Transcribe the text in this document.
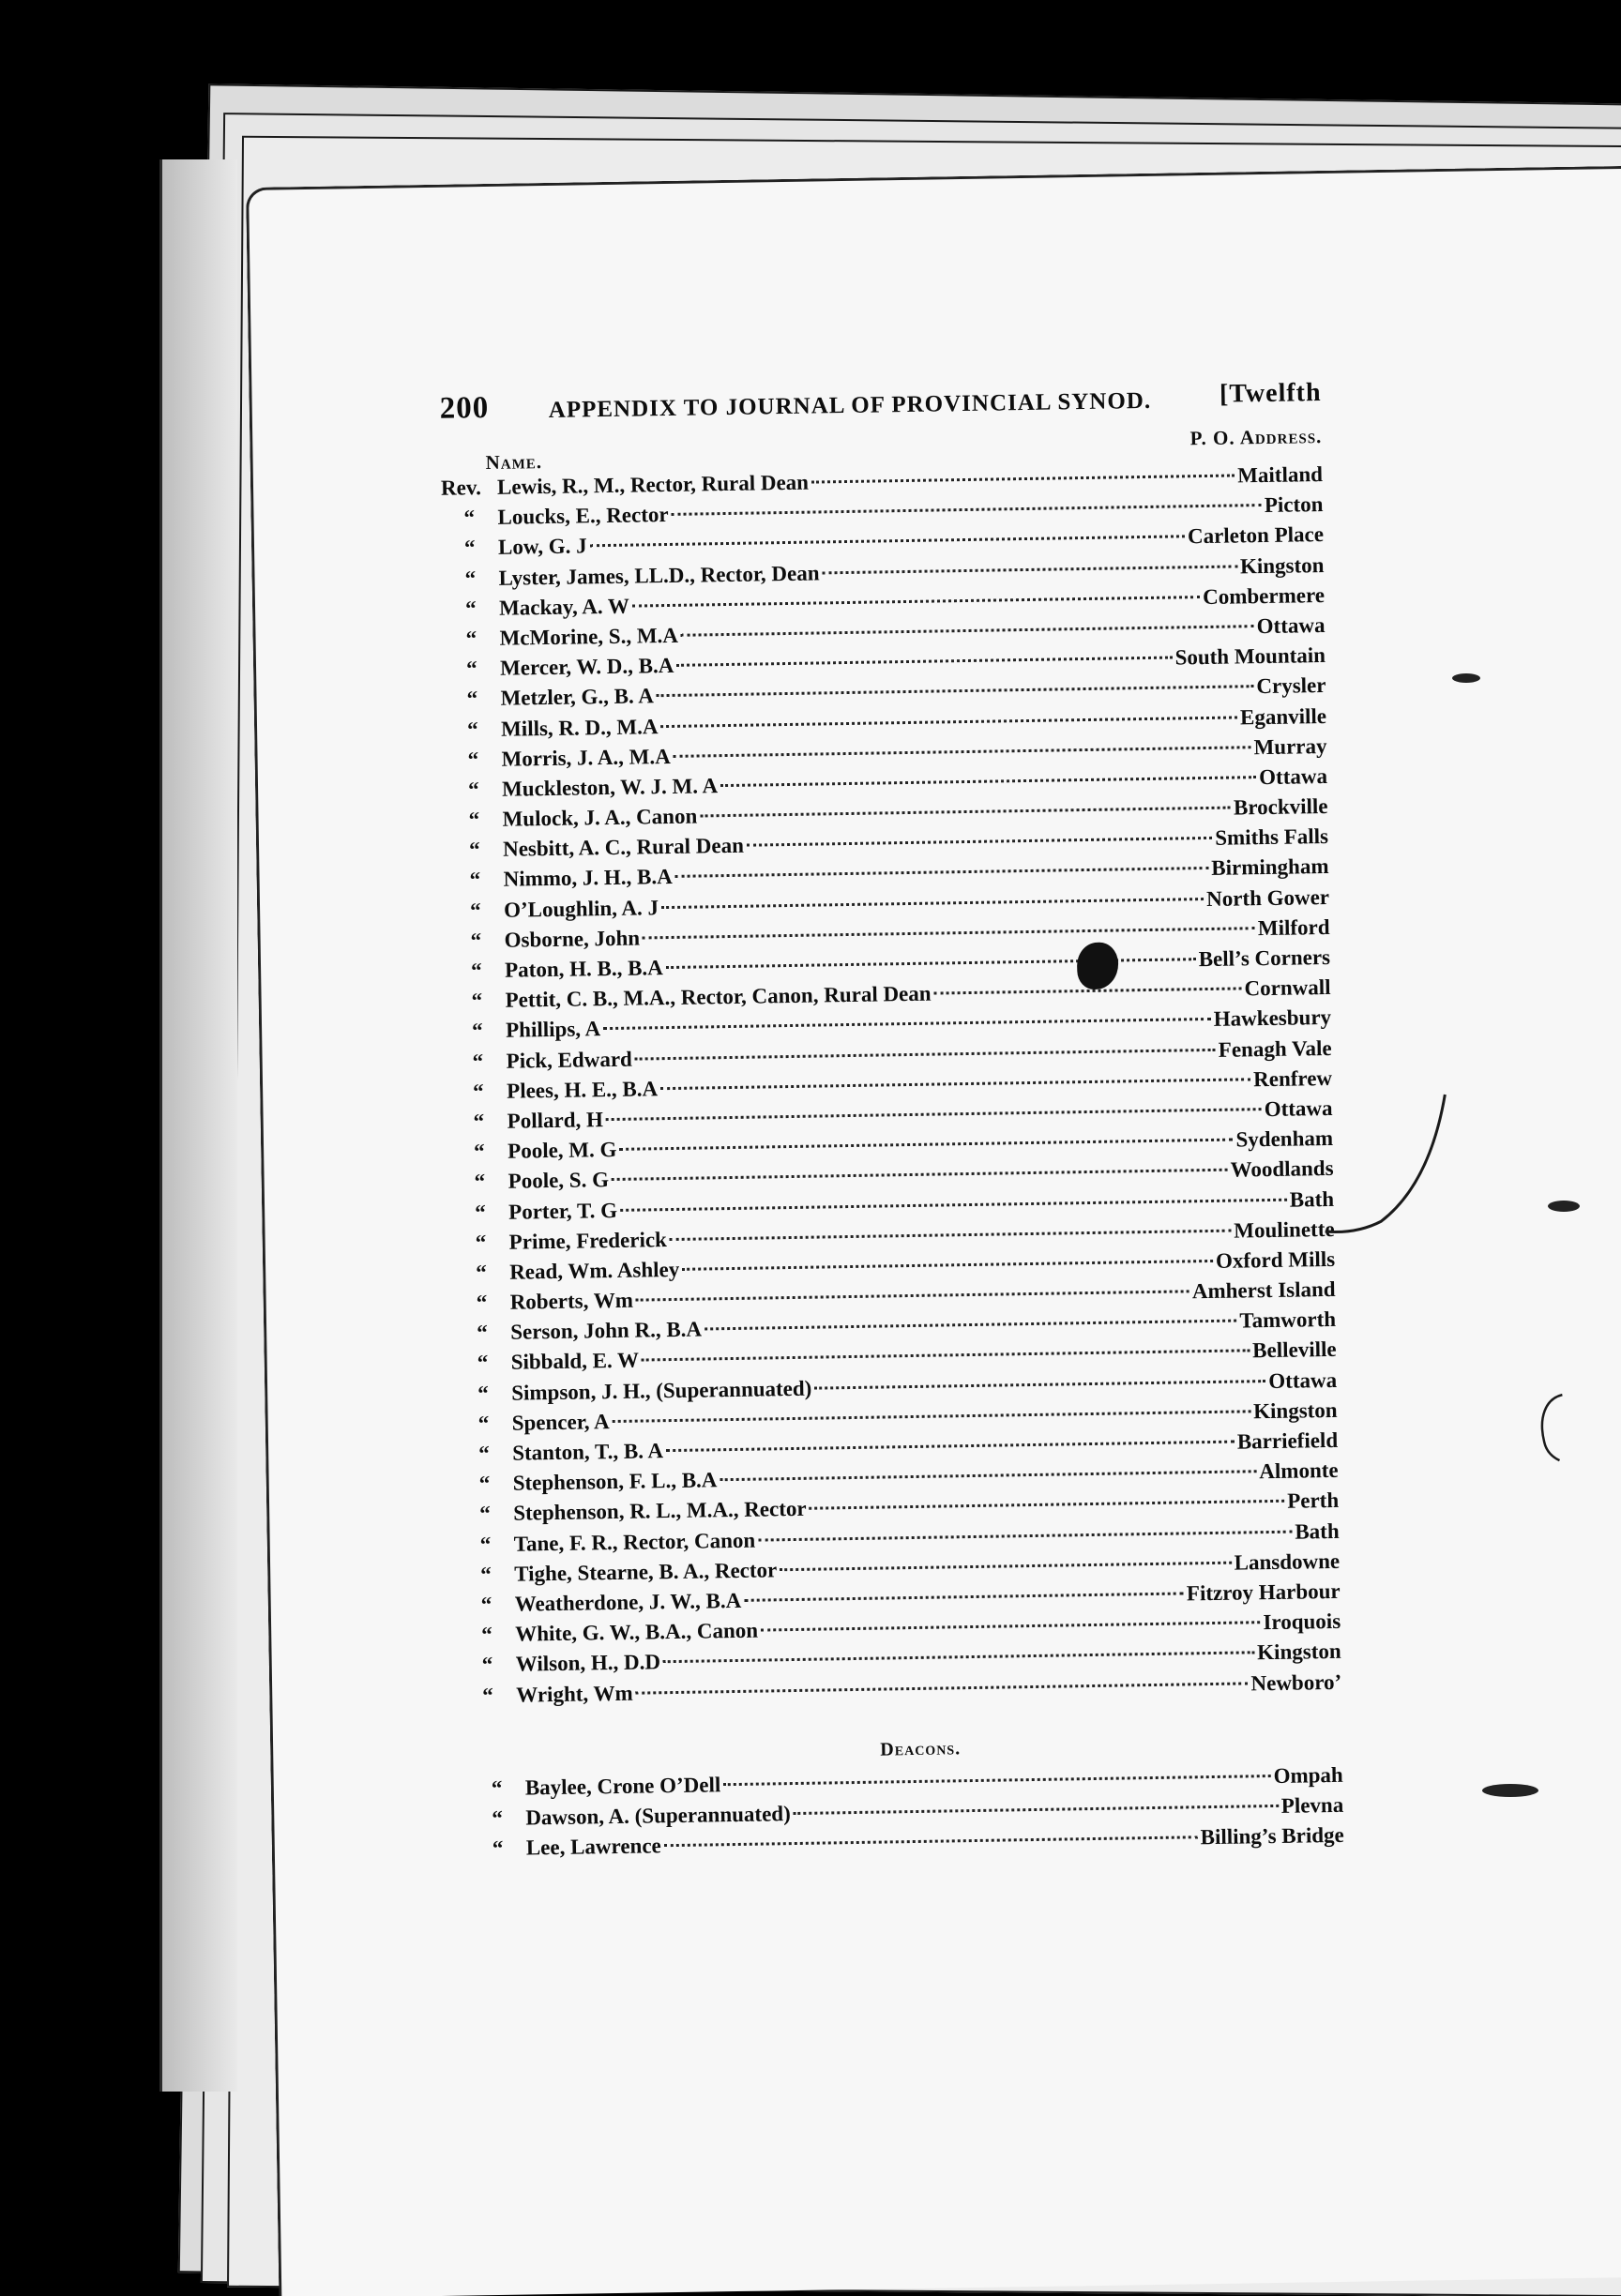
200	APPENDIX TO JOURNAL OF PROVINCIAL SYNOD.	[Twelfth
Name.
P. O. Address.
Rev. Lewis, R., M., Rector, Rural Dean	Maitland
“	Loucks, E., Rector	Picton
“	Low, G. J	Carleton Place
“	Lyster, James, LL.D., Rector, Dean	Kingston
“	Mackay, A. W	Combermere
“	McMorine, S., M.A	Ottawa
“	Mercer, W. D., B.A	South Mountain
“	Metzler, G., B. A	Crysler
“	Mills, R. D., M.A	Eganville
“	Morris, J. A., M.A	Murray
“	Muckleston, W. J. M. A	Ottawa
“	Mulock, J. A., Canon	Brockville
“	Nesbitt, A. C., Rural Dean	Smiths Falls
“	Nimmo, J. H., B.A	Birmingham
“	O’Loughlin, A. J	North Gower
“	Osborne, John	Milford
“	Paton, H. B., B.A	Bell’s Corners
“	Pettit, C. B., M.A., Rector, Canon, Rural Dean	Cornwall
“	Phillips, A	Hawkesbury
“	Pick, Edward	Fenagh Vale
“	Plees, H. E., B.A	Renfrew
“	Pollard, H	Ottawa
“	Poole, M. G	Sydenham
“	Poole, S. G	Woodlands
“	Porter, T. G	Bath
“	Prime, Frederick	Moulinette
“	Read, Wm. Ashley	Oxford Mills
“	Roberts, Wm	Amherst Island
“	Serson, John R., B.A	Tamworth
“	Sibbald, E. W	Belleville
“	Simpson, J. H., (Superannuated)	Ottawa
“	Spencer, A	Kingston
“	Stanton, T., B. A	Barriefield
“	Stephenson, F. L., B.A	Almonte
“	Stephenson, R. L., M.A., Rector	Perth
“	Tane, F. R., Rector, Canon	Bath
“	Tighe, Stearne, B. A., Rector	Lansdowne
“	Weatherdone, J. W., B.A	Fitzroy Harbour
“	White, G. W., B.A., Canon	Iroquois
“	Wilson, H., D.D	Kingston
“	Wright, Wm	Newboro’
Deacons.
“	Baylee, Crone O’Dell	Ompah
“	Dawson, A. (Superannuated)	Plevna
“	Lee, Lawrence	Billing’s Bridge
